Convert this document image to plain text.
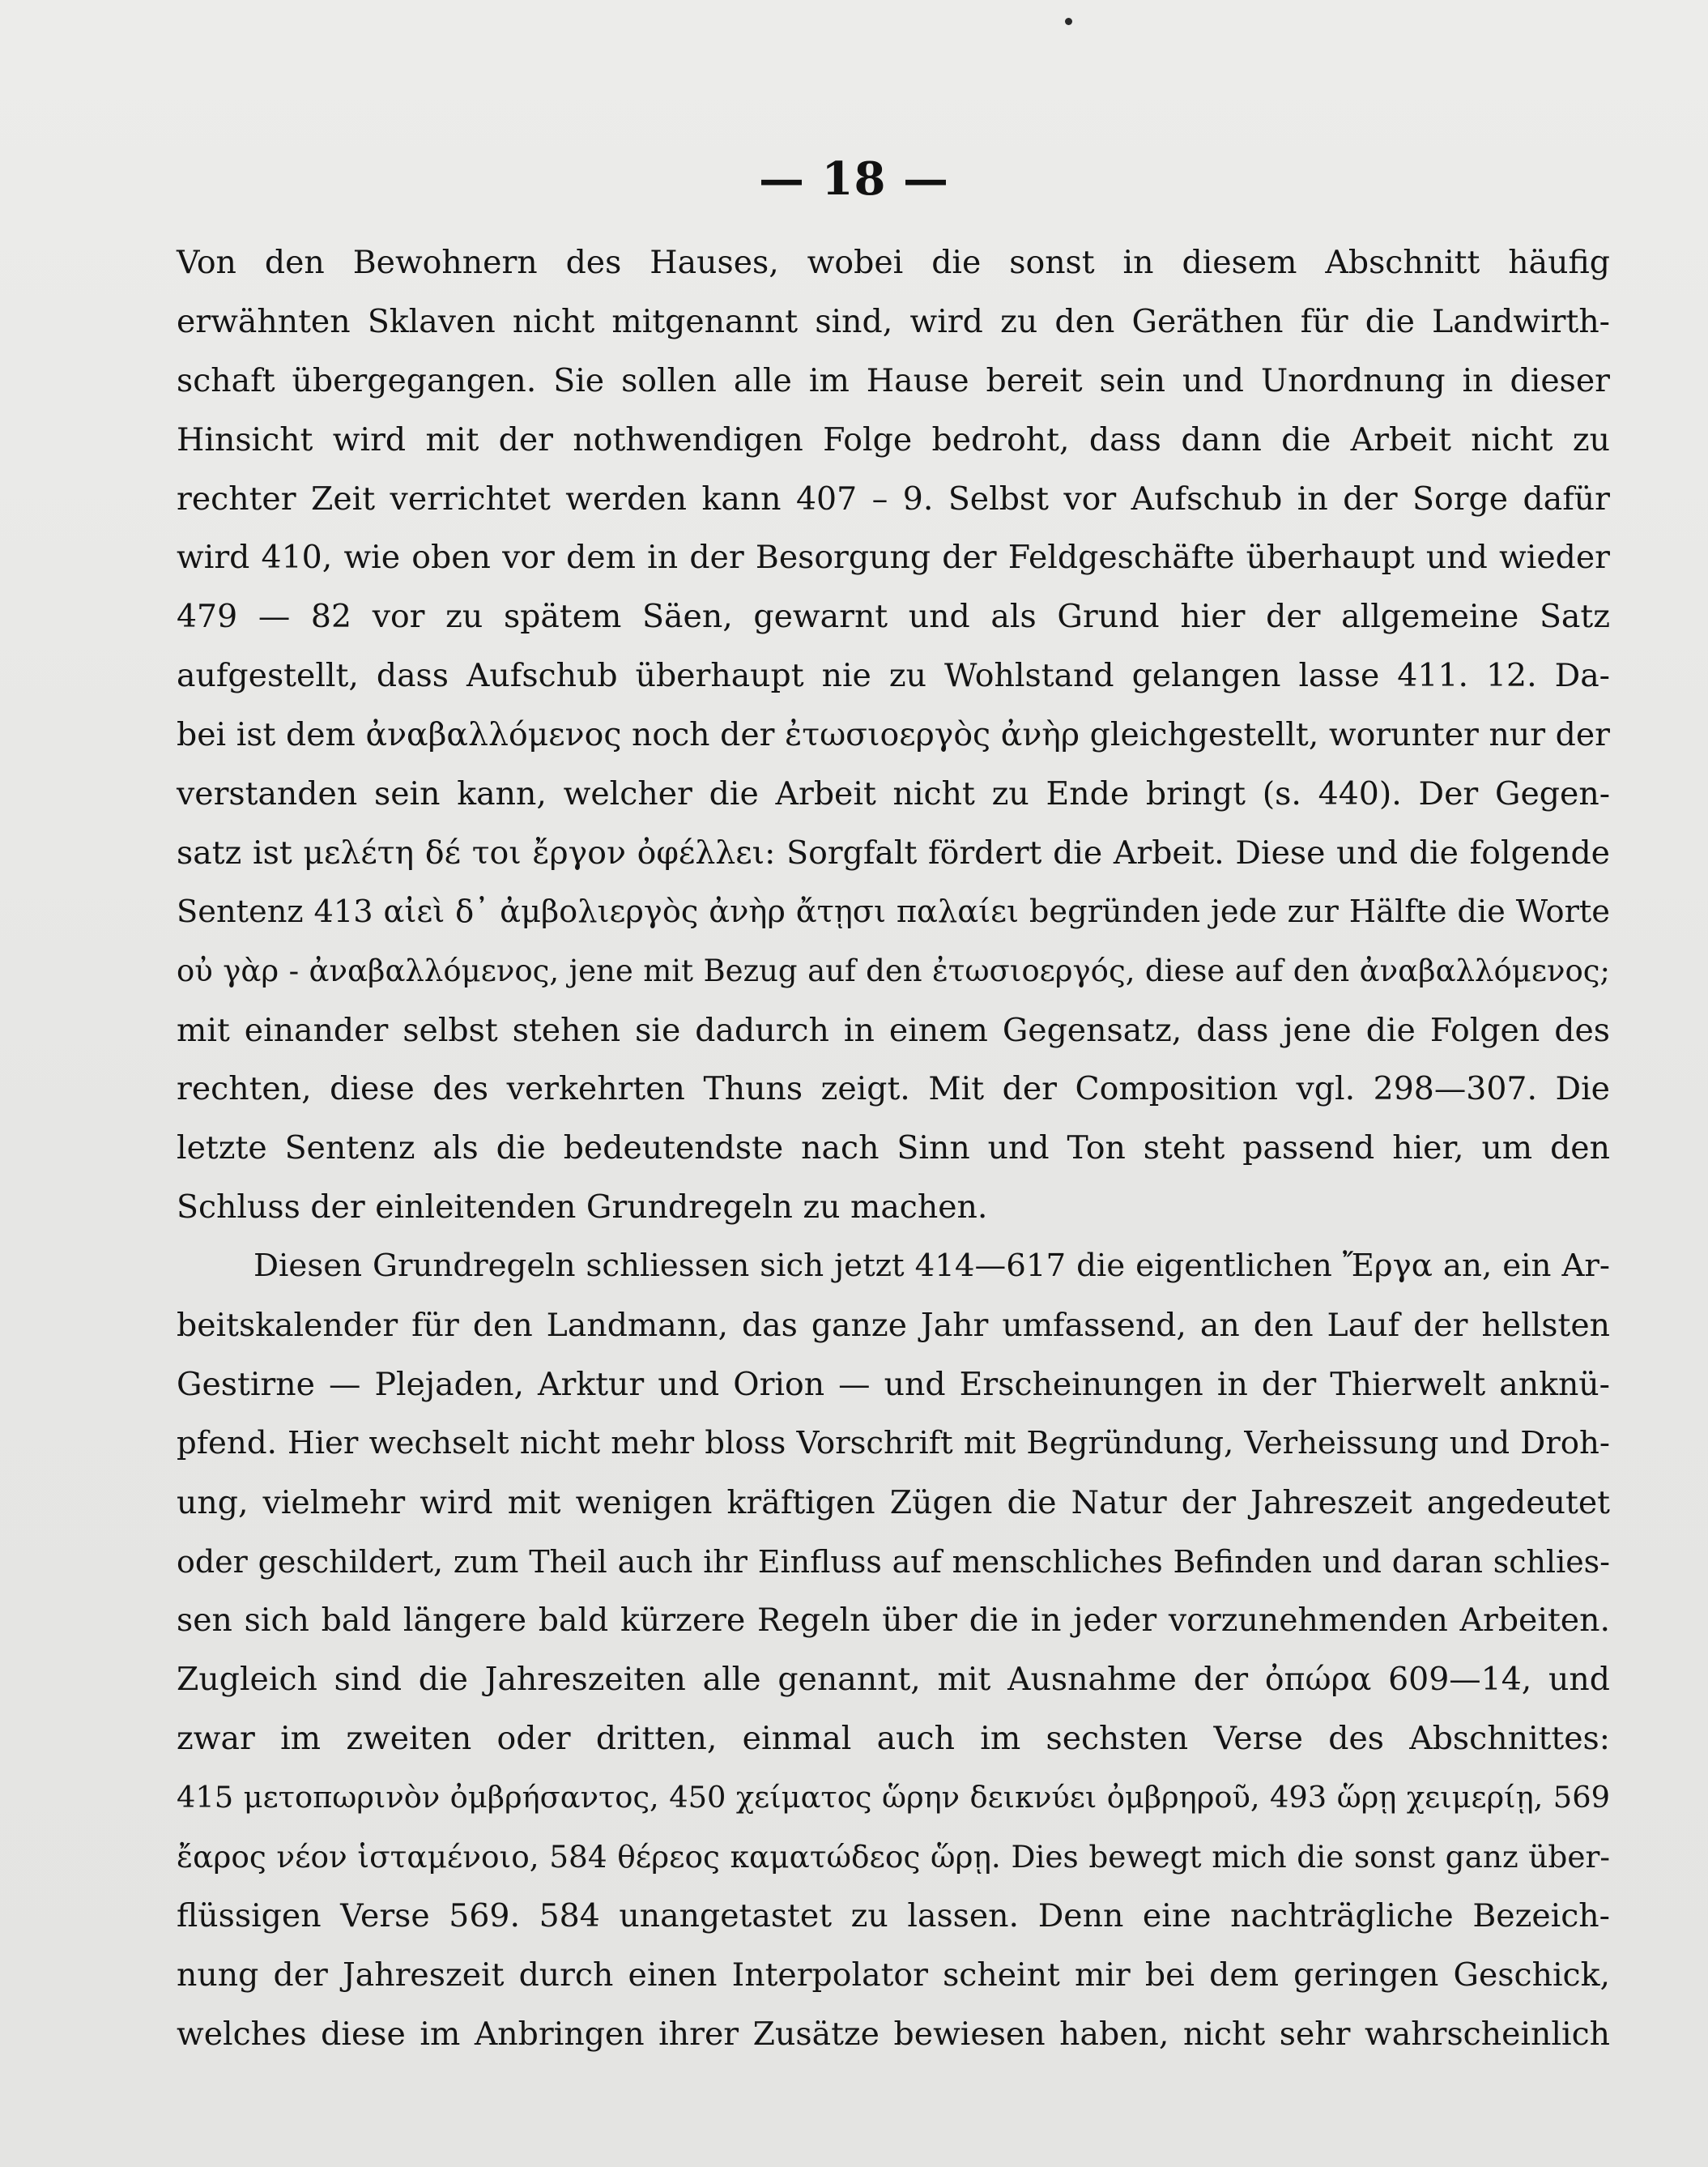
— 18 —
Von den Bewohnern des Hauses, wobei die sonst in diesem Abschnitt häufig
erwähnten Sklaven nicht mitgenannt sind, wird zu den Geräthen für die Landwirth-
schaft übergegangen. Sie sollen alle im Hause bereit sein und Unordnung in dieser
Hinsicht wird mit der nothwendigen Folge bedroht, dass dann die Arbeit nicht zu
rechter Zeit verrichtet werden kann 407 – 9. Selbst vor Aufschub in der Sorge dafür
wird 410, wie oben vor dem in der Besorgung der Feldgeschäfte überhaupt und wieder
479 — 82 vor zu spätem Säen, gewarnt und als Grund hier der allgemeine Satz
aufgestellt, dass Aufschub überhaupt nie zu Wohlstand gelangen lasse 411. 12. Da-
bei ist dem ἀναβαλλόμενος noch der ἐτωσιοεργὸς ἀνὴρ gleichgestellt, worunter nur der
verstanden sein kann, welcher die Arbeit nicht zu Ende bringt (s. 440). Der Gegen-
satz ist μελέτη δέ τοι ἔργον ὀφέλλει: Sorgfalt fördert die Arbeit. Diese und die folgende
Sentenz 413 αἰεὶ δ᾽ ἀμβολιεργὸς ἀνὴρ ἄτῃσι παλαίει begründen jede zur Hälfte die Worte
οὐ γὰρ - ἀναβαλλόμενος, jene mit Bezug auf den ἐτωσιοεργός, diese auf den ἀναβαλλόμενος;
mit einander selbst stehen sie dadurch in einem Gegensatz, dass jene die Folgen des
rechten, diese des verkehrten Thuns zeigt. Mit der Composition vgl. 298—307. Die
letzte Sentenz als die bedeutendste nach Sinn und Ton steht passend hier, um den
Schluss der einleitenden Grundregeln zu machen.
Diesen Grundregeln schliessen sich jetzt 414—617 die eigentlichen Ἔργα an, ein Ar-
beitskalender für den Landmann, das ganze Jahr umfassend, an den Lauf der hellsten
Gestirne — Plejaden, Arktur und Orion — und Erscheinungen in der Thierwelt anknü-
pfend. Hier wechselt nicht mehr bloss Vorschrift mit Begründung, Verheissung und Droh-
ung, vielmehr wird mit wenigen kräftigen Zügen die Natur der Jahreszeit angedeutet
oder geschildert, zum Theil auch ihr Einfluss auf menschliches Befinden und daran schlies-
sen sich bald längere bald kürzere Regeln über die in jeder vorzunehmenden Arbeiten.
Zugleich sind die Jahreszeiten alle genannt, mit Ausnahme der ὀπώρα 609—14, und
zwar im zweiten oder dritten, einmal auch im sechsten Verse des Abschnittes:
415 μετοπωρινὸν ὀμβρήσαντος, 450 χείματος ὥρην δεικνύει ὀμβρηροῦ, 493 ὥρῃ χειμερίῃ, 569
ἔαρος νέον ἱσταμένοιο, 584 θέρεος καματώδεος ὥρῃ. Dies bewegt mich die sonst ganz über-
flüssigen Verse 569. 584 unangetastet zu lassen. Denn eine nachträgliche Bezeich-
nung der Jahreszeit durch einen Interpolator scheint mir bei dem geringen Geschick,
welches diese im Anbringen ihrer Zusätze bewiesen haben, nicht sehr wahrscheinlich
